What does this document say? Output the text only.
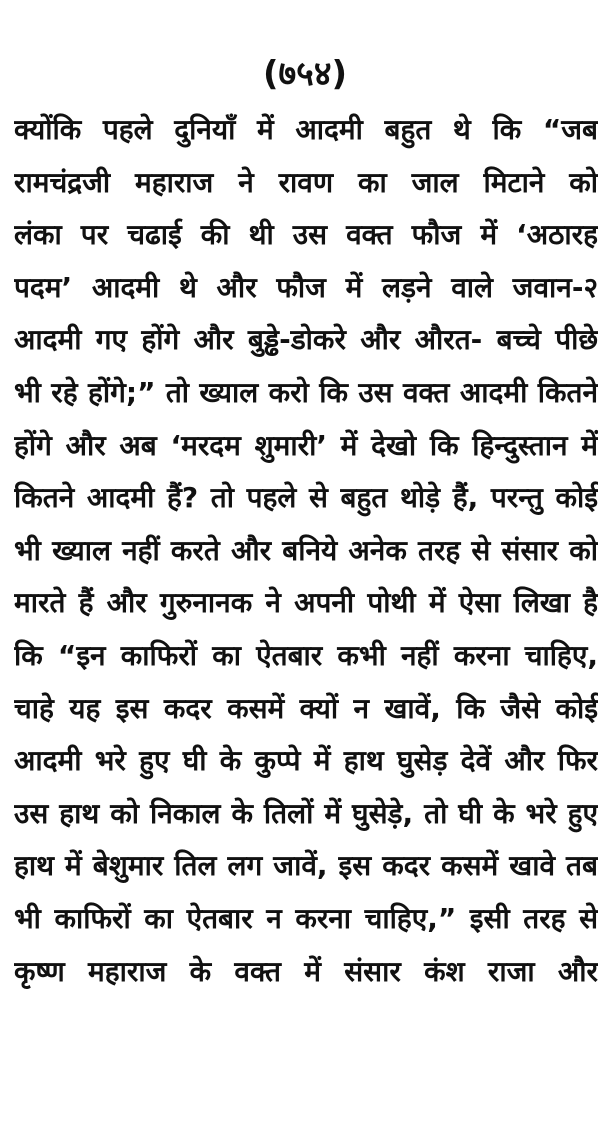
(७५४)
क्योंकि पहले दुनियाँ में आदमी बहुत थे कि “जब
रामचंद्रजी महाराज ने रावण का जाल मिटाने को
लंका पर चढाई की थी उस वक्त फौज में ‘अठारह
पदम’ आदमी थे और फौज में लड़ने वाले जवान-२
आदमी गए होंगे और बुड्ढे-डोकरे और औरत- बच्चे पीछे
भी रहे होंगे;” तो ख्याल करो कि उस वक्त आदमी कितने
होंगे और अब ‘मरदम शुमारी’ में देखो कि हिन्दुस्तान में
कितने आदमी हैं? तो पहले से बहुत थोड़े हैं, परन्तु कोई
भी ख्याल नहीं करते और बनिये अनेक तरह से संसार को
मारते हैं और गुरुनानक ने अपनी पोथी में ऐसा लिखा है
कि “इन काफिरों का ऐतबार कभी नहीं करना चाहिए,
चाहे यह इस कदर कसमें क्यों न खावें, कि जैसे कोई
आदमी भरे हुए घी के कुप्पे में हाथ घुसेड़ देवें और फिर
उस हाथ को निकाल के तिलों में घुसेड़े, तो घी के भरे हुए
हाथ में बेशुमार तिल लग जावें, इस कदर कसमें खावे तब
भी काफिरों का ऐतबार न करना चाहिए,” इसी तरह से
कृष्ण महाराज के वक्त में संसार कंश राजा और
